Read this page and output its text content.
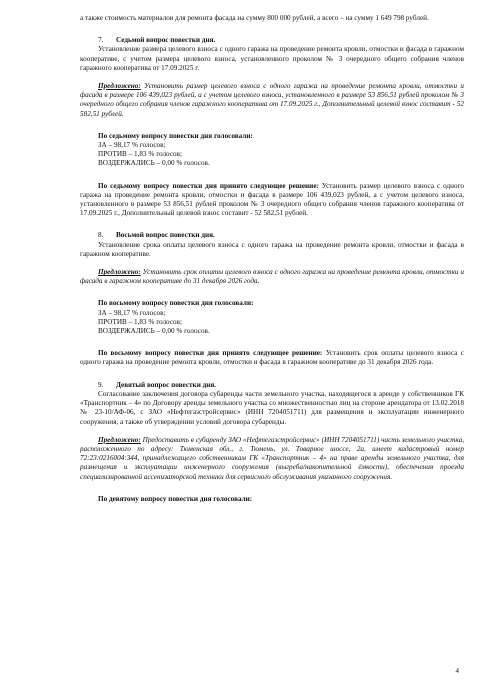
а также стоимость материалов для ремонта фасада на сумму 800 000 рублей, а всего – на сумму 1 649 798 рублей.

7. Седьмой вопрос повестки дня.

Установление размера целевого взноса с одного гаража на проведение ремонта кровли, отмостки и фасада в гаражном кооперативе, с учетом размера целевого взноса, установленного проколом № 3 очередного общего собрания членов гаражного кооператива от 17.09.2025 г.

Предложено: Установить размер целевого взноса с одного гаража на проведение ремонта кровли, отмостки и фасада в размере 106 439,023 рублей, а с учетом целевого взноса, установленного в размере 53 856,51 рублей проколом № 3 очередного общего собрания членов гаражного кооператива от 17.09.2025 г., Дополнительный целевой взнос составит - 52 582,51 рублей.

По седьмому вопросу повестки дня голосовали:

ЗА – 98,17 % голосов;

ПРОТИВ – 1,83 % голосов;

ВОЗДЕРЖАЛИСЬ – 0,00 % голосов.

По седьмому вопросу повестки дня принято следующее решение: Установить размер целевого взноса с одного гаража на проведение ремонта кровли, отмостки и фасада в размере 106 439,023 рублей, а с учетом целевого взноса, установленного в размере 53 856,51 рублей проколом № 3 очередного общего собрания членов гаражного кооператива от 17.09.2025 г., Дополнительный целевой взнос составит - 52 582,51 рублей.

8. Восьмой вопрос повестки дня.

Установление срока оплаты целевого взноса с одного гаража на проведение ремонта кровли, отмостки и фасада в гаражном кооперативе.

Предложено: Установить срок оплаты целевого взноса с одного гаража на проведение ремонта кровли, отмостки и фасада в гаражном кооперативе до 31 декабря 2026 года.

По восьмому вопросу повестки дня голосовали:

ЗА – 98,17 % голосов;

ПРОТИВ – 1,83 % голосов;

ВОЗДЕРЖАЛИСЬ – 0,00 % голосов.

По восьмому вопросу повестки дня принято следующее решение: Установить срок оплаты целевого взноса с одного гаража на проведение ремонта кровли, отмостки и фасада в гаражном кооперативе до 31 декабря 2026 года.

9. Девятый вопрос повестки дня.

Согласование заключения договора субаренды части земельного участка, находящегося в аренде у собственников ГК «Транспортник – 4» по Договору аренды земельного участка со множественностью лиц на стороне арендатора от 13.02.2018 № 23-10/АФ-06, с ЗАО «Нефтегазстройсервис» (ИНН 7204051711) для размещения и эксплуатации инженерного сооружения, а также об утверждении условий договора субаренды.

Предложено: Предоставить в субаренду ЗАО «Нефтегазстройсервис» (ИНН 7204051711) часть земельного участка, расположенного по адресу: Тюменская обл., г. Тюмень, ул. Товарное шоссе, 2а, имеет кадастровый номер 72:23:0216004:344, принадлежащего собственникам ГК «Транспортник – 4» на праве аренды земельного участка, для размещения и эксплуатации инженерного сооружения (выгреба/накопительной ёмкости), обеспечения проезда специализированной ассенизаторской техники для сервисного обслуживания указанного сооружения.

По девятому вопросу повестки дня голосовали:

4
